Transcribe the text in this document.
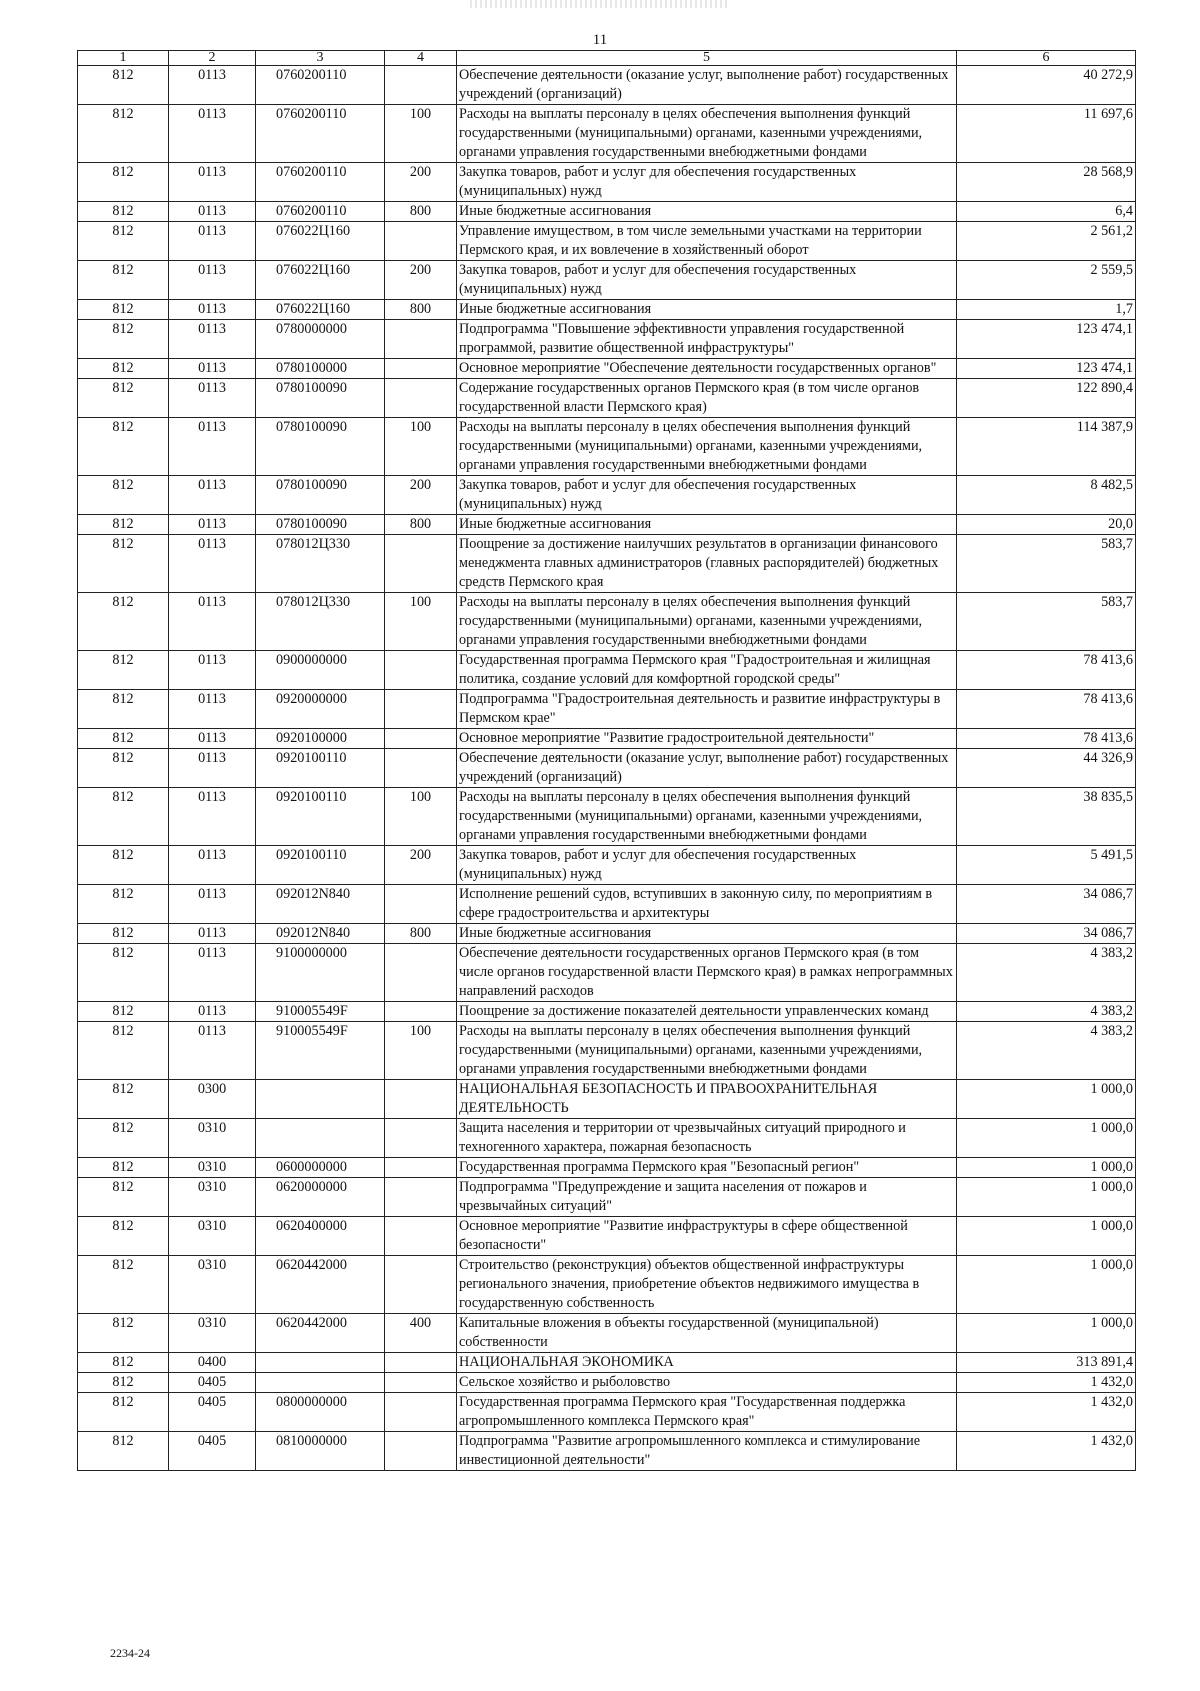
11
1	2	3	4	5	6
812	0113	0760200110		Обеспечение деятельности (оказание услуг, выполнение работ) государственных учреждений (организаций)	40 272,9
812	0113	0760200110	100	Расходы на выплаты персоналу в целях обеспечения выполнения функций государственными (муниципальными) органами, казенными учреждениями, органами управления государственными внебюджетными фондами	11 697,6
812	0113	0760200110	200	Закупка товаров, работ и услуг для обеспечения государственных (муниципальных) нужд	28 568,9
812	0113	0760200110	800	Иные бюджетные ассигнования	6,4
812	0113	076022Ц160		Управление имуществом, в том числе земельными участками на территории Пермского края, и их вовлечение в хозяйственный оборот	2 561,2
812	0113	076022Ц160	200	Закупка товаров, работ и услуг для обеспечения государственных (муниципальных) нужд	2 559,5
812	0113	076022Ц160	800	Иные бюджетные ассигнования	1,7
812	0113	0780000000		Подпрограмма "Повышение эффективности управления государственной программой, развитие общественной инфраструктуры"	123 474,1
812	0113	0780100000		Основное мероприятие "Обеспечение деятельности государственных органов"	123 474,1
812	0113	0780100090		Содержание государственных органов Пермского края (в том числе органов государственной власти Пермского края)	122 890,4
812	0113	0780100090	100	Расходы на выплаты персоналу в целях обеспечения выполнения функций государственными (муниципальными) органами, казенными учреждениями, органами управления государственными внебюджетными фондами	114 387,9
812	0113	0780100090	200	Закупка товаров, работ и услуг для обеспечения государственных (муниципальных) нужд	8 482,5
812	0113	0780100090	800	Иные бюджетные ассигнования	20,0
812	0113	078012Ц330		Поощрение за достижение наилучших результатов в организации финансового менеджмента главных администраторов (главных распорядителей) бюджетных средств Пермского края	583,7
812	0113	078012Ц330	100	Расходы на выплаты персоналу в целях обеспечения выполнения функций государственными (муниципальными) органами, казенными учреждениями, органами управления государственными внебюджетными фондами	583,7
812	0113	0900000000		Государственная программа Пермского края "Градостроительная и жилищная политика, создание условий для комфортной городской среды"	78 413,6
812	0113	0920000000		Подпрограмма "Градостроительная деятельность и развитие инфраструктуры в Пермском крае"	78 413,6
812	0113	0920100000		Основное мероприятие "Развитие градостроительной деятельности"	78 413,6
812	0113	0920100110		Обеспечение деятельности (оказание услуг, выполнение работ) государственных учреждений (организаций)	44 326,9
812	0113	0920100110	100	Расходы на выплаты персоналу в целях обеспечения выполнения функций государственными (муниципальными) органами, казенными учреждениями, органами управления государственными внебюджетными фондами	38 835,5
812	0113	0920100110	200	Закупка товаров, работ и услуг для обеспечения государственных (муниципальных) нужд	5 491,5
812	0113	092012N840		Исполнение решений судов, вступивших в законную силу, по мероприятиям в сфере градостроительства и архитектуры	34 086,7
812	0113	092012N840	800	Иные бюджетные ассигнования	34 086,7
812	0113	9100000000		Обеспечение деятельности государственных органов Пермского края (в том числе органов государственной власти Пермского края) в рамках непрограммных направлений расходов	4 383,2
812	0113	910005549F		Поощрение за достижение показателей деятельности управленческих команд	4 383,2
812	0113	910005549F	100	Расходы на выплаты персоналу в целях обеспечения выполнения функций государственными (муниципальными) органами, казенными учреждениями, органами управления государственными внебюджетными фондами	4 383,2
812	0300			НАЦИОНАЛЬНАЯ БЕЗОПАСНОСТЬ И ПРАВООХРАНИТЕЛЬНАЯ ДЕЯТЕЛЬНОСТЬ	1 000,0
812	0310			Защита населения и территории от чрезвычайных ситуаций природного и техногенного характера, пожарная безопасность	1 000,0
812	0310	0600000000		Государственная программа Пермского края "Безопасный регион"	1 000,0
812	0310	0620000000		Подпрограмма "Предупреждение и защита населения от пожаров и чрезвычайных ситуаций"	1 000,0
812	0310	0620400000		Основное мероприятие "Развитие инфраструктуры в сфере общественной безопасности"	1 000,0
812	0310	0620442000		Строительство (реконструкция) объектов общественной инфраструктуры регионального значения, приобретение объектов недвижимого имущества в государственную собственность	1 000,0
812	0310	0620442000	400	Капитальные вложения в объекты государственной (муниципальной) собственности	1 000,0
812	0400			НАЦИОНАЛЬНАЯ ЭКОНОМИКА	313 891,4
812	0405			Сельское хозяйство и рыболовство	1 432,0
812	0405	0800000000		Государственная программа Пермского края "Государственная поддержка агропромышленного комплекса Пермского края"	1 432,0
812	0405	0810000000		Подпрограмма "Развитие агропромышленного комплекса и стимулирование инвестиционной деятельности"	1 432,0
2234-24
